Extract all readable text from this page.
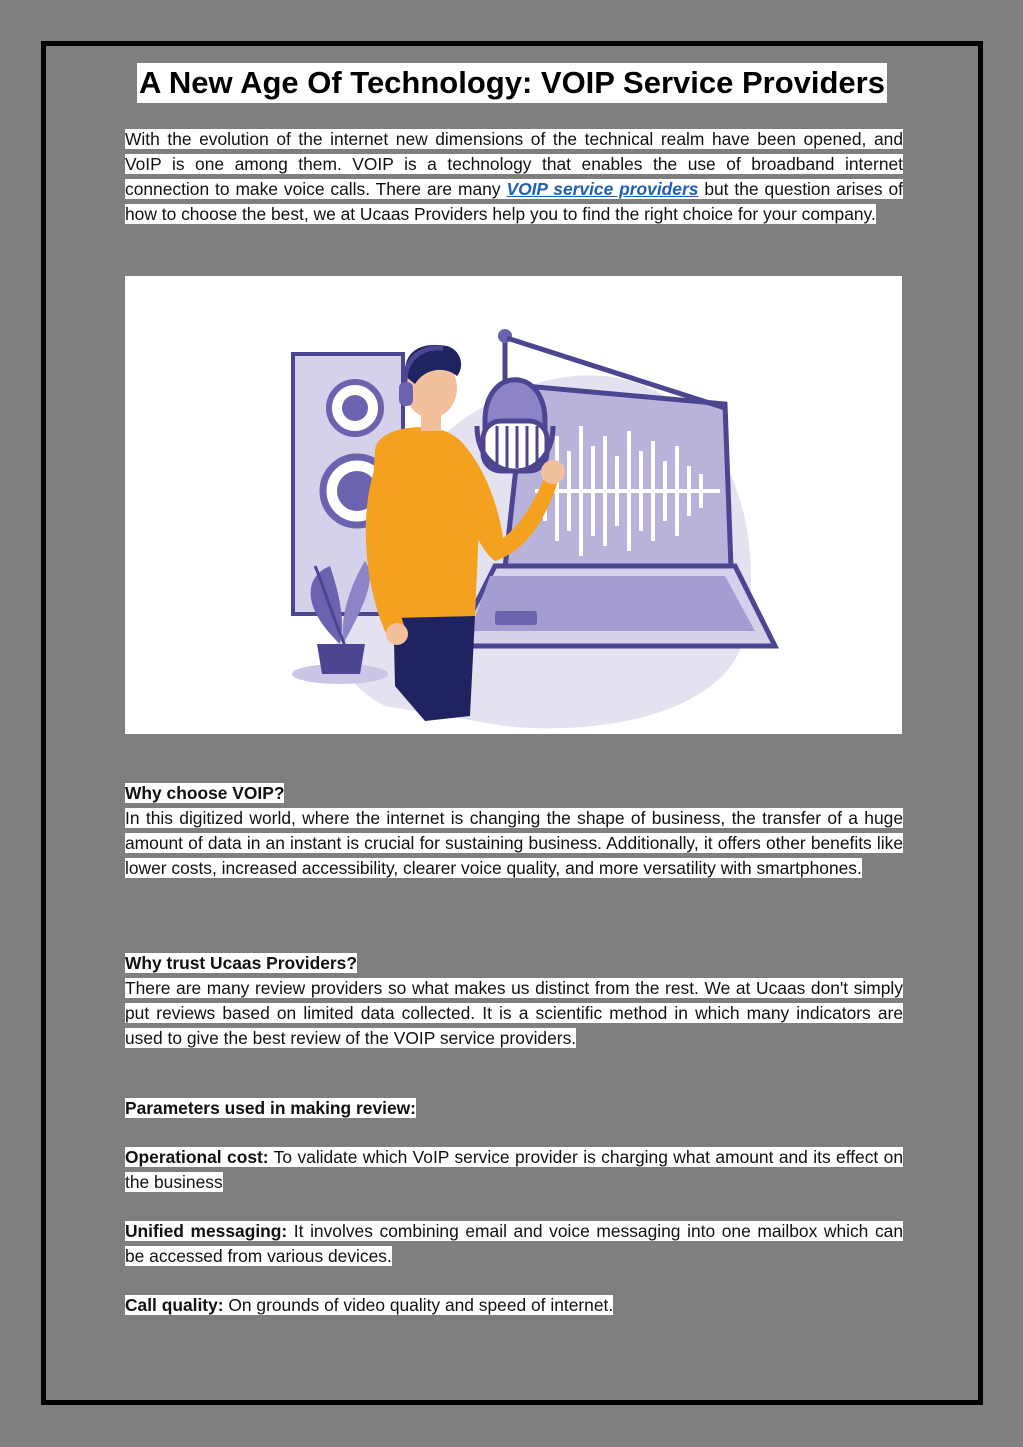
A New Age Of Technology: VOIP Service Providers

With the evolution of the internet new dimensions of the technical realm have been opened, and VoIP is one among them. VOIP is a technology that enables the use of broadband internet connection to make voice calls. There are many VOIP service providers but the question arises of how to choose the best, we at Ucaas Providers help you to find the right choice for your company.

Why choose VOIP?

In this digitized world, where the internet is changing the shape of business, the transfer of a huge amount of data in an instant is crucial for sustaining business. Additionally, it offers other benefits like lower costs, increased accessibility, clearer voice quality, and more versatility with smartphones.

Why trust Ucaas Providers?

There are many review providers so what makes us distinct from the rest. We at Ucaas don't simply put reviews based on limited data collected. It is a scientific method in which many indicators are used to give the best review of the VOIP service providers.

Parameters used in making review:

Operational cost: To validate which VoIP service provider is charging what amount and its effect on the business

Unified messaging: It involves combining email and voice messaging into one mailbox which can be accessed from various devices.

Call quality: On grounds of video quality and speed of internet.
